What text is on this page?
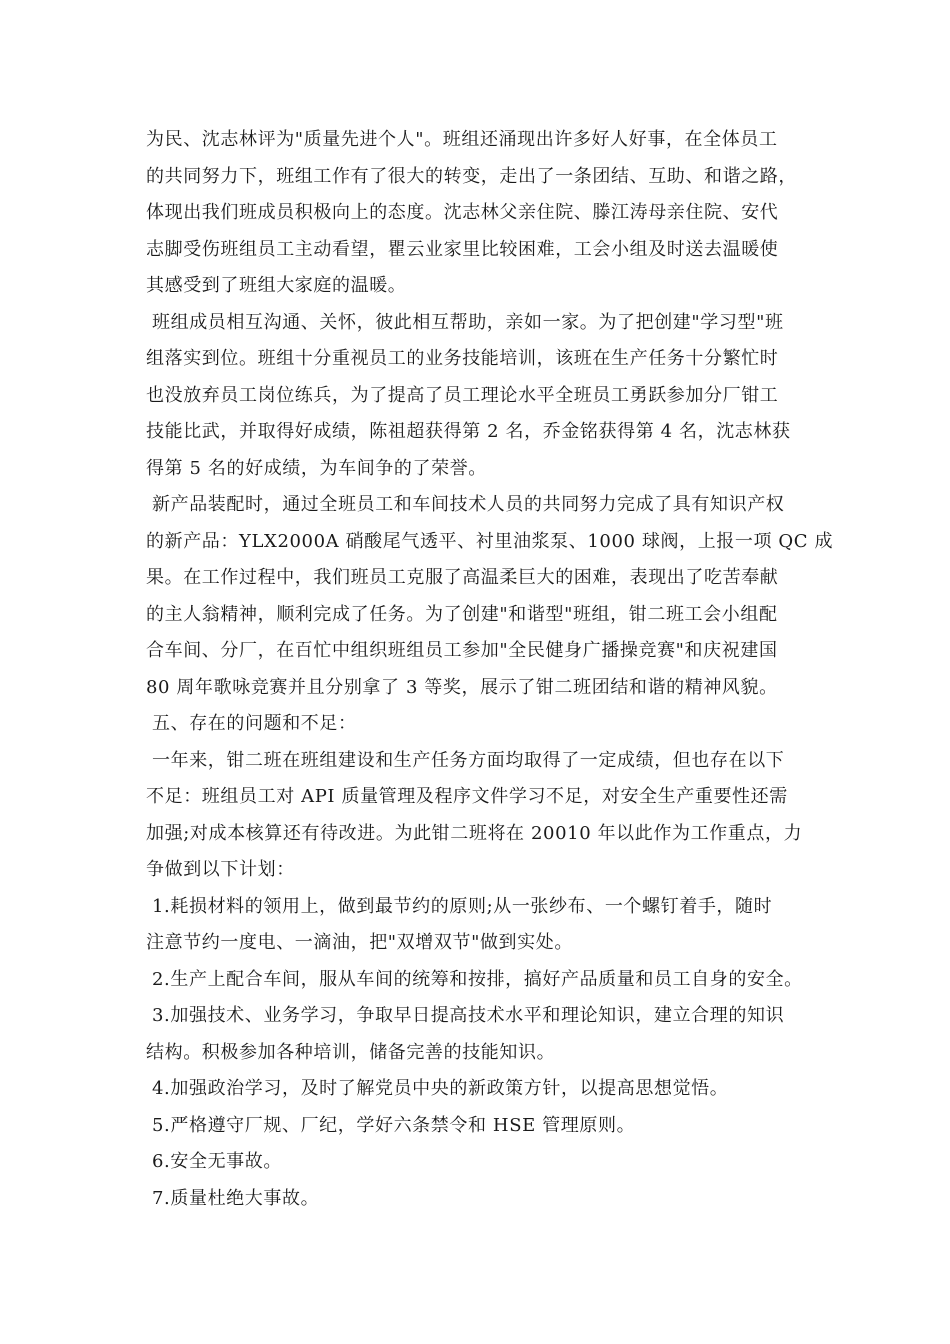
为民、沈志林评为"质量先进个人"。班组还涌现出许多好人好事，在全体员工
的共同努力下，班组工作有了很大的转变，走出了一条团结、互助、和谐之路，
体现出我们班成员积极向上的态度。沈志林父亲住院、滕江涛母亲住院、安代
志脚受伤班组员工主动看望，瞿云业家里比较困难，工会小组及时送去温暖使
其感受到了班组大家庭的温暖。
班组成员相互沟通、关怀，彼此相互帮助，亲如一家。为了把创建"学习型"班
组落实到位。班组十分重视员工的业务技能培训，该班在生产任务十分繁忙时
也没放弃员工岗位练兵，为了提高了员工理论水平全班员工勇跃参加分厂钳工
技能比武，并取得好成绩，陈祖超获得第 2 名，乔金铭获得第 4 名，沈志林获
得第 5 名的好成绩，为车间争的了荣誉。
新产品装配时，通过全班员工和车间技术人员的共同努力完成了具有知识产权
的新产品：YLX2000A 硝酸尾气透平、衬里油浆泵、1000 球阀，上报一项 QC 成
果。在工作过程中，我们班员工克服了高温柔巨大的困难，表现出了吃苦奉献
的主人翁精神，顺利完成了任务。为了创建"和谐型"班组，钳二班工会小组配
合车间、分厂，在百忙中组织班组员工参加"全民健身广播操竞赛"和庆祝建国
80 周年歌咏竞赛并且分别拿了 3 等奖，展示了钳二班团结和谐的精神风貌。
五、存在的问题和不足：
一年来，钳二班在班组建设和生产任务方面均取得了一定成绩，但也存在以下
不足：班组员工对 API 质量管理及程序文件学习不足，对安全生产重要性还需
加强;对成本核算还有待改进。为此钳二班将在 20010 年以此作为工作重点，力
争做到以下计划：
1.耗损材料的领用上，做到最节约的原则;从一张纱布、一个螺钉着手，随时
注意节约一度电、一滴油，把"双增双节"做到实处。
2.生产上配合车间，服从车间的统筹和按排，搞好产品质量和员工自身的安全。
3.加强技术、业务学习，争取早日提高技术水平和理论知识，建立合理的知识
结构。积极参加各种培训，储备完善的技能知识。
4.加强政治学习，及时了解党员中央的新政策方针，以提高思想觉悟。
5.严格遵守厂规、厂纪，学好六条禁令和 HSE 管理原则。
6.安全无事故。
7.质量杜绝大事故。
